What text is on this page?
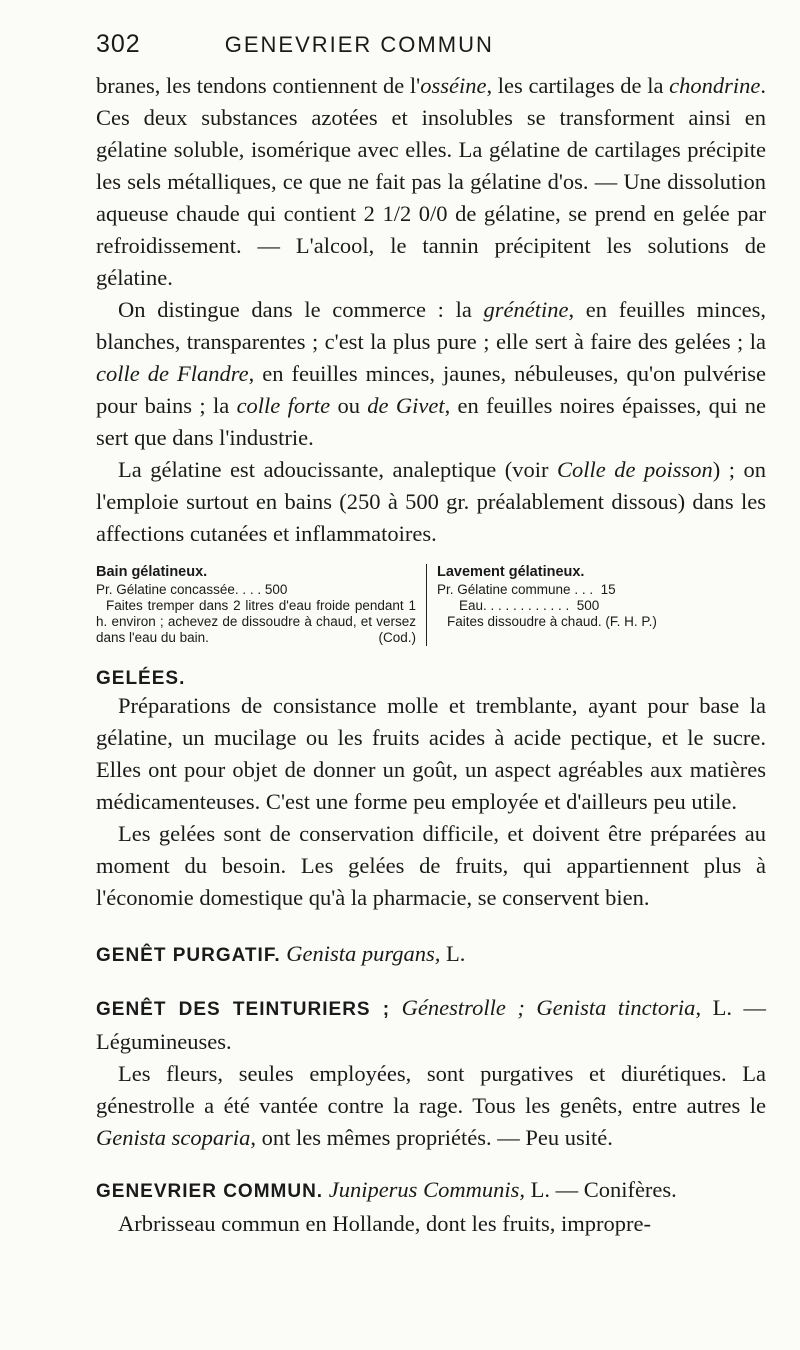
302	GENEVRIER COMMUN

branes, les tendons contiennent de l'osséine, les cartilages de la chondrine. Ces deux substances azotées et insolubles se transforment ainsi en gélatine soluble, isomérique avec elles. La gélatine de cartilages précipite les sels métalliques, ce que ne fait pas la gélatine d'os. — Une dissolution aqueuse chaude qui contient 2 1/2 0/0 de gélatine, se prend en gelée par refroidissement. — L'alcool, le tannin précipitent les solutions de gélatine.

On distingue dans le commerce : la grénétine, en feuilles minces, blanches, transparentes ; c'est la plus pure ; elle sert à faire des gelées ; la colle de Flandre, en feuilles minces, jaunes, nébuleuses, qu'on pulvérise pour bains ; la colle forte ou de Givet, en feuilles noires épaisses, qui ne sert que dans l'industrie.

La gélatine est adoucissante, analeptique (voir Colle de poisson) ; on l'emploie surtout en bains (250 à 500 gr. préalablement dissous) dans les affections cutanées et inflammatoires.

Bain gélatineux.
Pr. Gélatine concassée. . . . 500
Faites tremper dans 2 litres d'eau froide pendant 1 h. environ ; achevez de dissoudre à chaud, et versez dans l'eau du bain.	(Cod.)
Lavement gélatineux.
Pr. Gélatine commune . . .  15
Eau. . . . . . . . . . . .  500
Faites dissoudre à chaud. (F. H. P.)
GELÉES.

Préparations de consistance molle et tremblante, ayant pour base la gélatine, un mucilage ou les fruits acides à acide pectique, et le sucre. Elles ont pour objet de donner un goût, un aspect agréables aux matières médicamenteuses. C'est une forme peu employée et d'ailleurs peu utile.

Les gelées sont de conservation difficile, et doivent être préparées au moment du besoin. Les gelées de fruits, qui appartiennent plus à l'économie domestique qu'à la pharmacie, se conservent bien.

GENÊT PURGATIF. Genista purgans, L.
GENÊT DES TEINTURIERS ; Génestrolle ; Genista tinctoria, L. — Légumineuses.

Les fleurs, seules employées, sont purgatives et diurétiques. La génestrolle a été vantée contre la rage. Tous les genêts, entre autres le Genista scoparia, ont les mêmes propriétés. — Peu usité.

GENEVRIER COMMUN. Juniperus Communis, L. — Conifères.

Arbrisseau commun en Hollande, dont les fruits, impropre-
